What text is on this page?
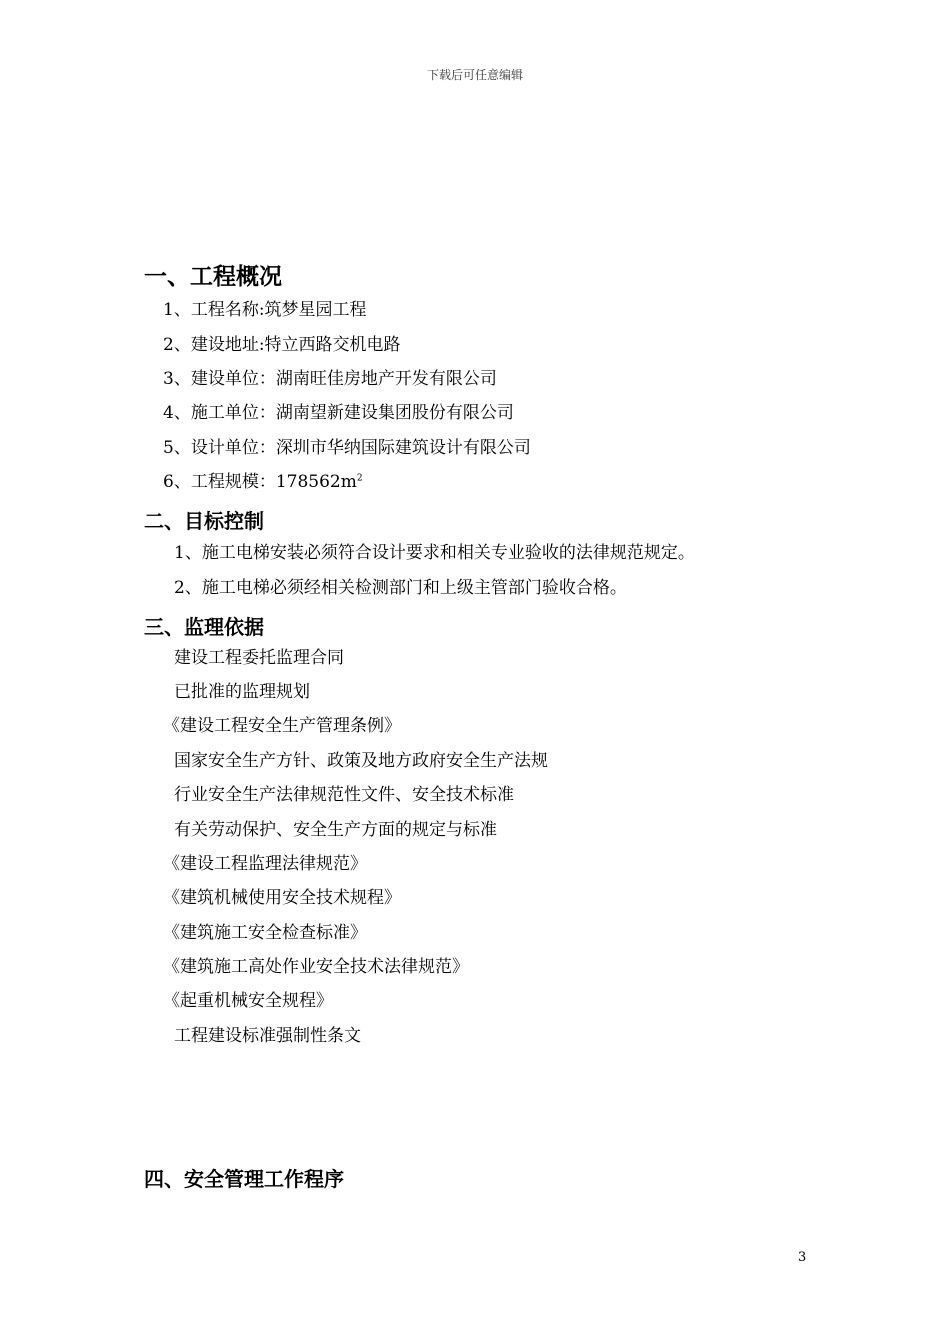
下载后可任意编辑
一、工程概况
1、工程名称:筑梦星园工程
2、建设地址:特立西路交机电路
3、建设单位：湖南旺佳房地产开发有限公司
4、施工单位：湖南望新建设集团股份有限公司
5、设计单位：深圳市华纳国际建筑设计有限公司
6、工程规模：$178562m^2$
二、目标控制
1、施工电梯安装必须符合设计要求和相关专业验收的法律规范规定。
2、施工电梯必须经相关检测部门和上级主管部门验收合格。
三、监理依据
建设工程委托监理合同
已批准的监理规划
《建设工程安全生产管理条例》
国家安全生产方针、政策及地方政府安全生产法规
行业安全生产法律规范性文件、安全技术标准
有关劳动保护、安全生产方面的规定与标准
《建设工程监理法律规范》
《建筑机械使用安全技术规程》
《建筑施工安全检查标准》
《建筑施工高处作业安全技术法律规范》
《起重机械安全规程》
工程建设标准强制性条文
四、安全管理工作程序
3
